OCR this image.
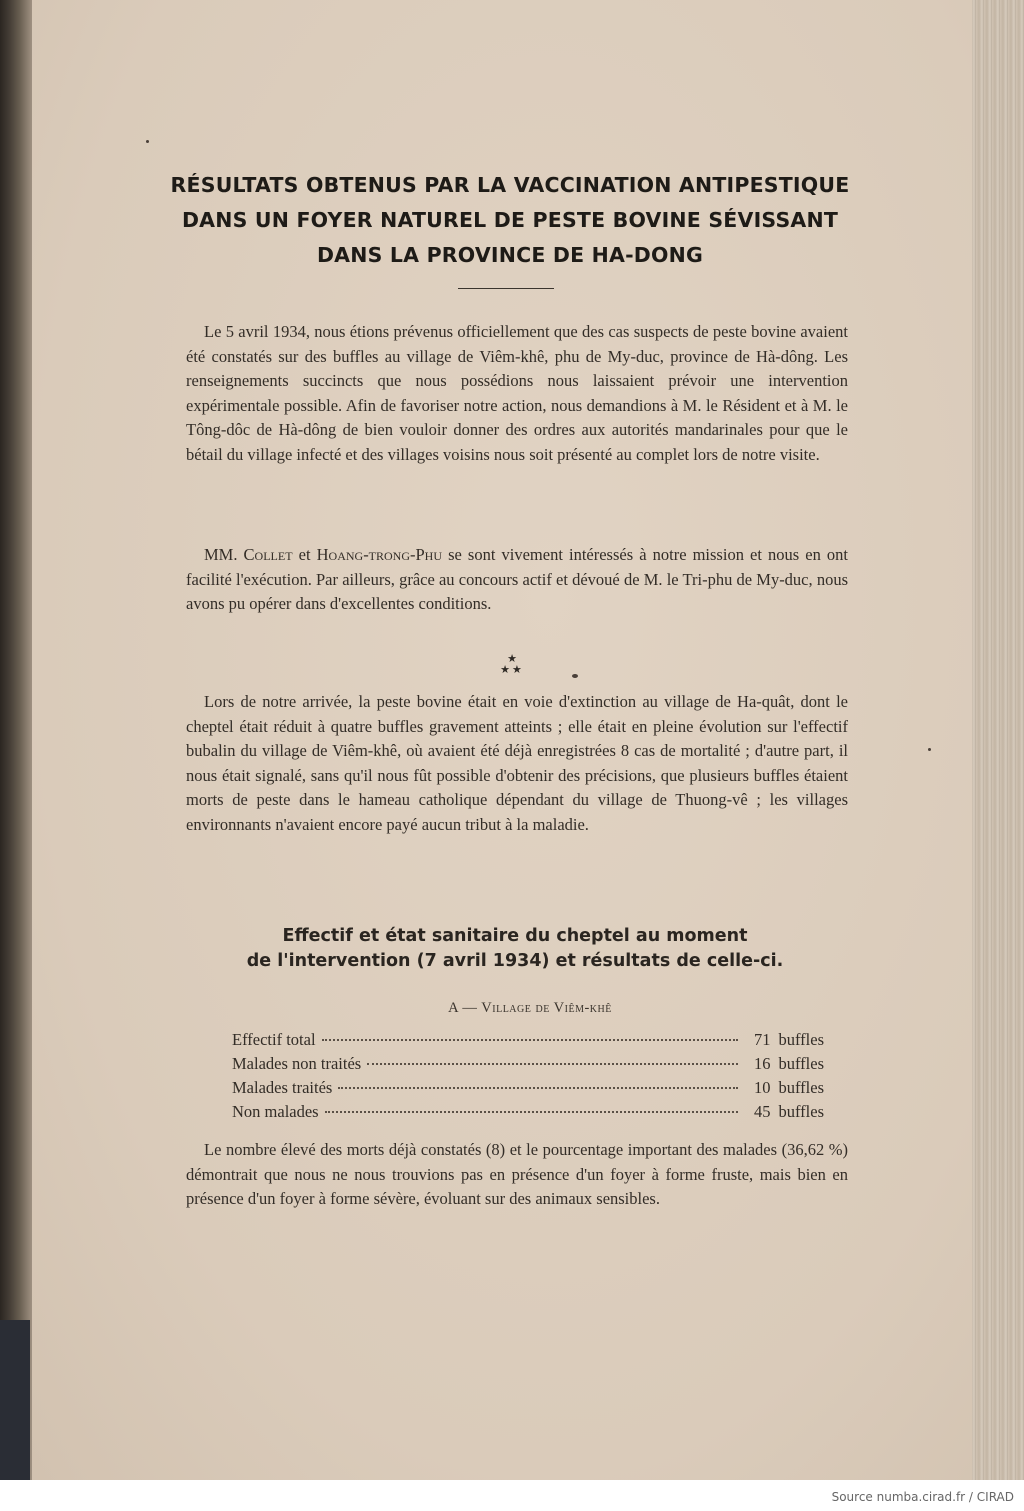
RÉSULTATS OBTENUS PAR LA VACCINATION ANTIPESTIQUE
DANS UN FOYER NATUREL DE PESTE BOVINE SÉVISSANT
DANS LA PROVINCE DE HA-DONG

Le 5 avril 1934, nous étions prévenus officiellement que des cas suspects de peste bovine avaient été constatés sur des buffles au village de Viêm-khê, phu de My-duc, province de Hà-dông. Les renseignements succincts que nous possédions nous laissaient prévoir une intervention expérimentale possible. Afin de favoriser notre action, nous demandions à M. le Résident et à M. le Tông-dôc de Hà-dông de bien vouloir donner des ordres aux autorités mandarinales pour que le bétail du village infecté et des villages voisins nous soit présenté au complet lors de notre visite.

MM. Collet et Hoang-trong-Phu se sont vivement intéressés à notre mission et nous en ont facilité l'exécution. Par ailleurs, grâce au concours actif et dévoué de M. le Tri-phu de My-duc, nous avons pu opérer dans d'excellentes conditions.

★
★★

Lors de notre arrivée, la peste bovine était en voie d'extinction au village de Ha-quât, dont le cheptel était réduit à quatre buffles gravement atteints ; elle était en pleine évolution sur l'effectif bubalin du village de Viêm-khê, où avaient été déjà enregistrées 8 cas de mortalité ; d'autre part, il nous était signalé, sans qu'il nous fût possible d'obtenir des précisions, que plusieurs buffles étaient morts de peste dans le hameau catholique dépendant du village de Thuong-vê ; les villages environnants n'avaient encore payé aucun tribut à la maladie.

Effectif et état sanitaire du cheptel au moment
de l'intervention (7 avril 1934) et résultats de celle-ci.

A — Village de Viêm-khê

Effectif total	71 buffles
Malades non traités	16 buffles
Malades traités	10 buffles
Non malades	45 buffles

Le nombre élevé des morts déjà constatés (8) et le pourcentage important des malades (36,62 %) démontrait que nous ne nous trouvions pas en présence d'un foyer à forme fruste, mais bien en présence d'un foyer à forme sévère, évoluant sur des animaux sensibles.

Source numba.cirad.fr / CIRAD
